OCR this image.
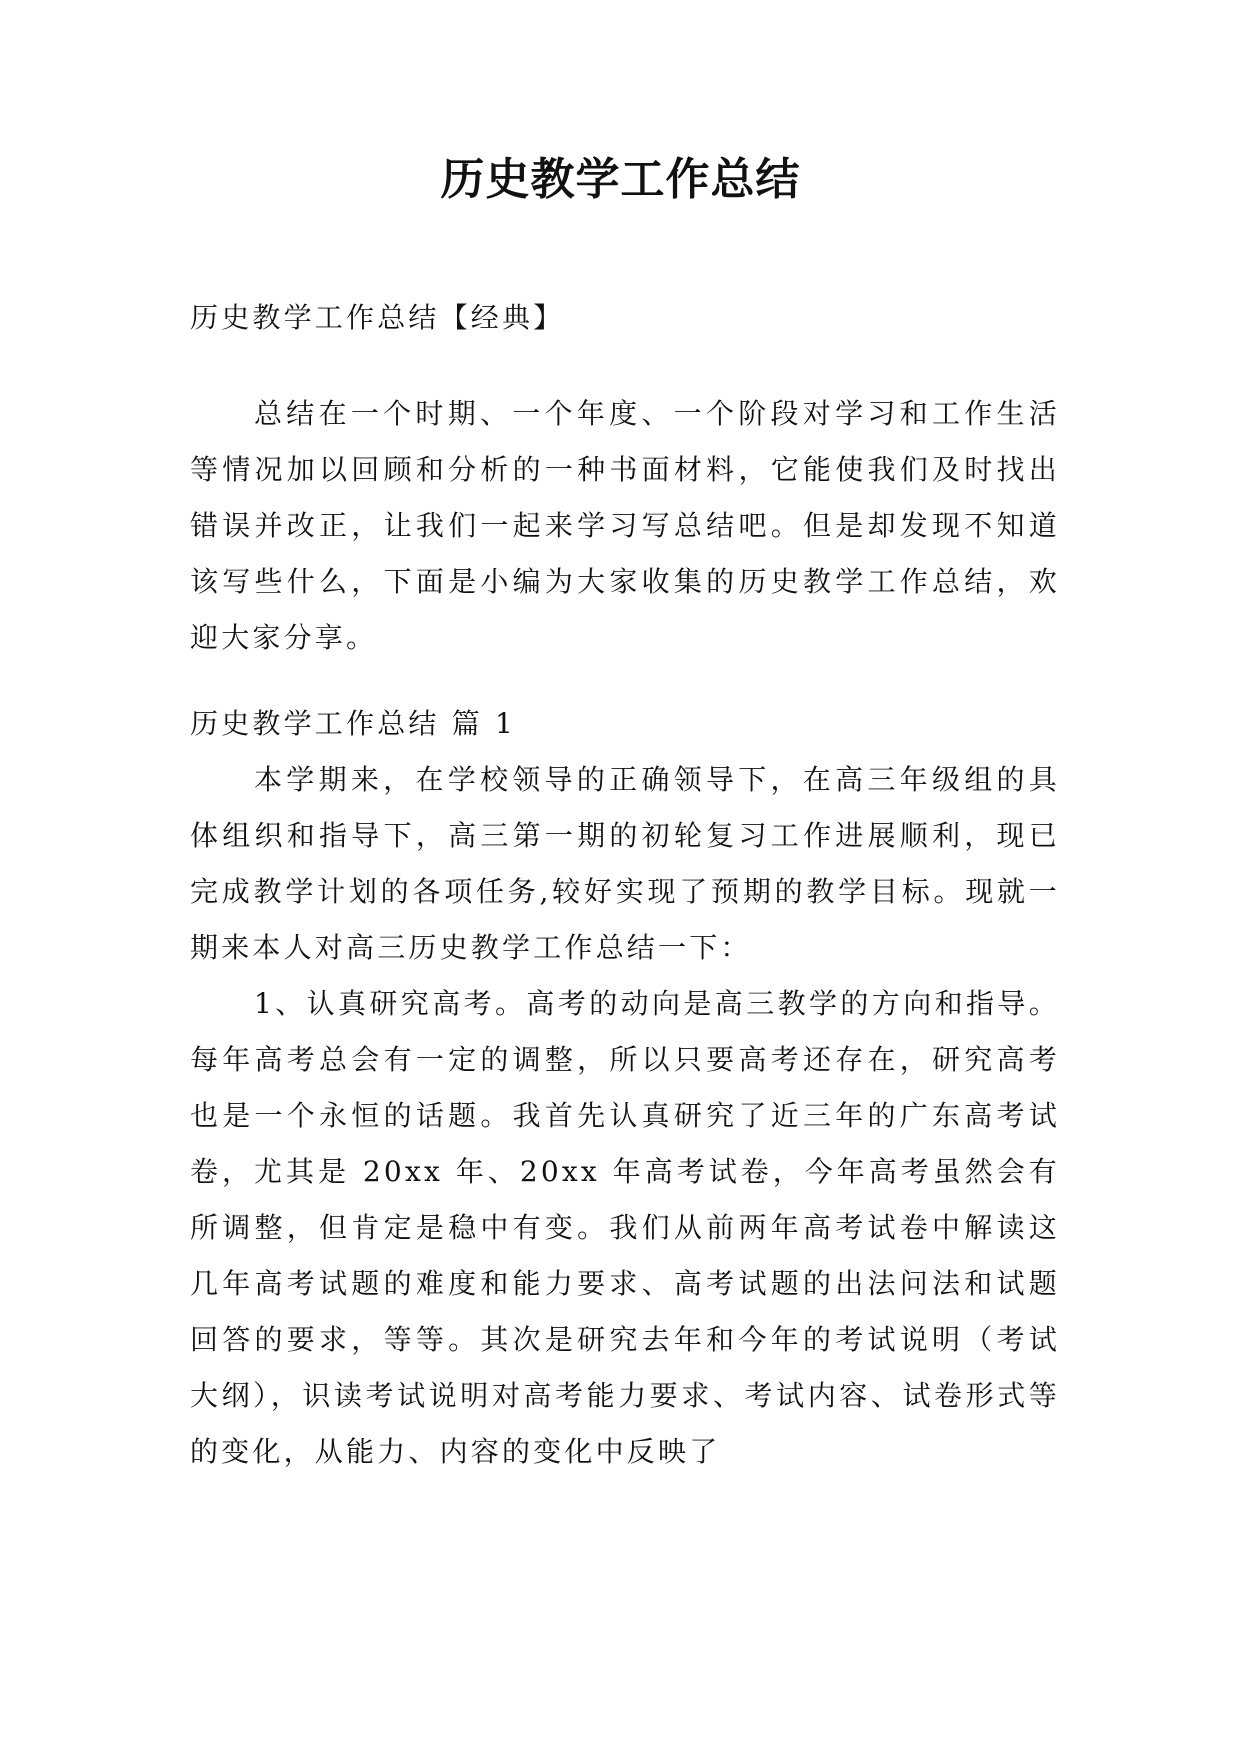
历史教学工作总结

历史教学工作总结【经典】

总结在一个时期、一个年度、一个阶段对学习和工作生活等情况加以回顾和分析的一种书面材料，它能使我们及时找出错误并改正，让我们一起来学习写总结吧。但是却发现不知道该写些什么，下面是小编为大家收集的历史教学工作总结，欢迎大家分享。

历史教学工作总结 篇 1

本学期来，在学校领导的正确领导下，在高三年级组的具体组织和指导下，高三第一期的初轮复习工作进展顺利，现已完成教学计划的各项任务,较好实现了预期的教学目标。现就一期来本人对高三历史教学工作总结一下：

1、认真研究高考。高考的动向是高三教学的方向和指导。每年高考总会有一定的调整，所以只要高考还存在，研究高考也是一个永恒的话题。我首先认真研究了近三年的广东高考试卷，尤其是 20xx 年、20xx 年高考试卷，今年高考虽然会有所调整，但肯定是稳中有变。我们从前两年高考试卷中解读这几年高考试题的难度和能力要求、高考试题的出法问法和试题回答的要求，等等。其次是研究去年和今年的考试说明（考试大纲），识读考试说明对高考能力要求、考试内容、试卷形式等的变化，从能力、内容的变化中反映了
